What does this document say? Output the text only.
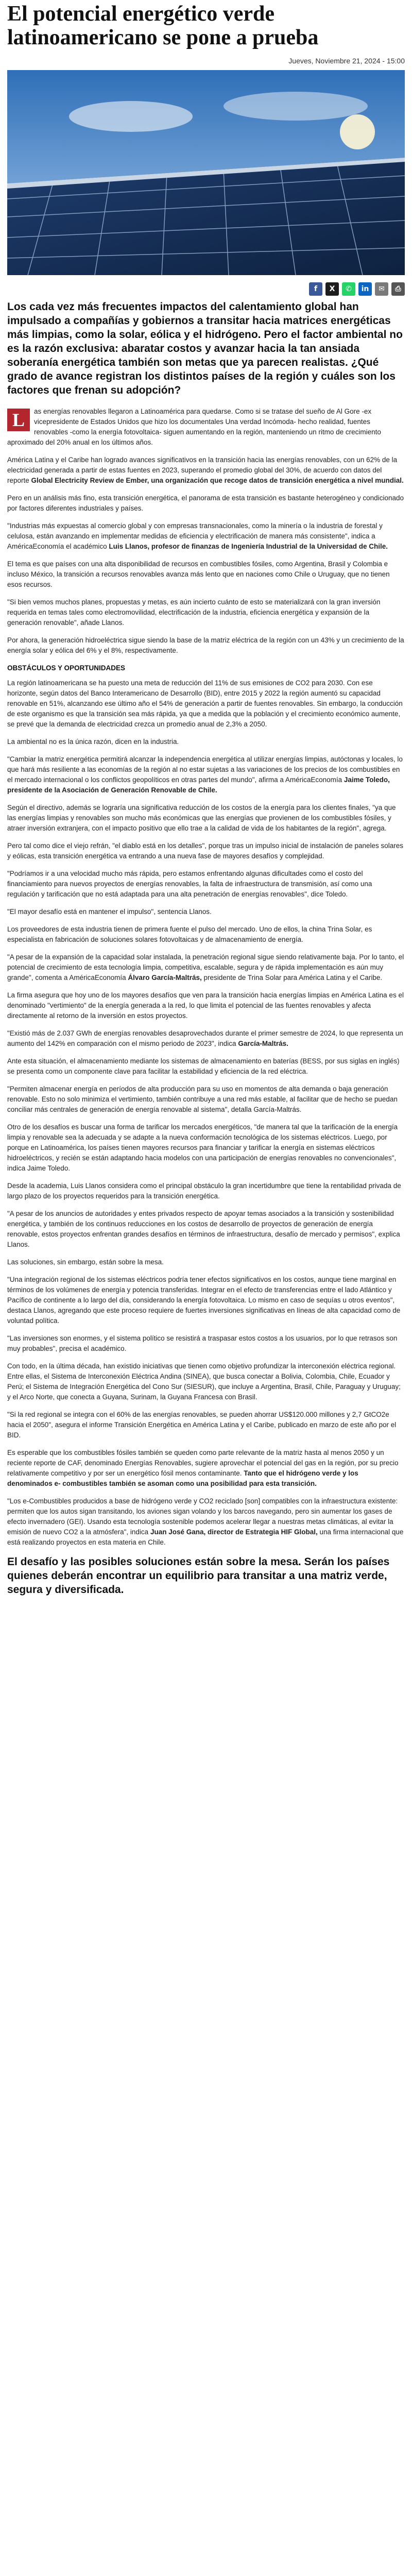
El potencial energético verde latinoamericano se pone a prueba
Jueves, Noviembre 21, 2024 - 15:00
f	X	✆	in	✉	⎙

Los cada vez más frecuentes impactos del calentamiento global han impulsado a compañías y gobiernos a transitar hacia matrices energéticas más limpias, como la solar, eólica y el hidrógeno. Pero el factor ambiental no es la razón exclusiva: abaratar costos y avanzar hacia la tan ansiada soberanía energética también son metas que ya parecen realistas. ¿Qué grado de avance registran los distintos países de la región y cuáles son los factores que frenan su adopción?

L	as energías renovables llegaron a Latinoamérica para quedarse. Como si se tratase del sueño de Al Gore -ex vicepresidente de Estados Unidos que hizo los documentales Una verdad Incómoda- hecho realidad, fuentes renovables -como la energía fotovoltaica- siguen aumentando en la región, manteniendo un ritmo de crecimiento aproximado del 20% anual en los últimos años.

América Latina y el Caribe han logrado avances significativos en la transición hacia las energías renovables, con un 62% de la electricidad generada a partir de estas fuentes en 2023, superando el promedio global del 30%, de acuerdo con datos del reporte Global Electricity Review de Ember, una organización que recoge datos de transición energética a nivel mundial.

Pero en un análisis más fino, esta transición energética, el panorama de esta transición es bastante heterogéneo y condicionado por factores diferentes industriales y países.

"Industrias más expuestas al comercio global y con empresas transnacionales, como la minería o la industria de forestal y celulosa, están avanzando en implementar medidas de eficiencia y electrificación de manera más consistente", indica a AméricaEconomía el académico Luis Llanos, profesor de finanzas de Ingeniería Industrial de la Universidad de Chile.

El tema es que países con una alta disponibilidad de recursos en combustibles fósiles, como Argentina, Brasil y Colombia e incluso México, la transición a recursos renovables avanza más lento que en naciones como Chile o Uruguay, que no tienen esos recursos.

"Si bien vemos muchos planes, propuestas y metas, es aún incierto cuánto de esto se materializará con la gran inversión requerida en temas tales como electromovilidad, electrificación de la industria, eficiencia energética y expansión de la generación renovable", añade Llanos.

Por ahora, la generación hidroeléctrica sigue siendo la base de la matriz eléctrica de la región con un 43% y un crecimiento de la energía solar y eólica del 6% y el 8%, respectivamente.

OBSTÁCULOS Y OPORTUNIDADES

La región latinoamericana se ha puesto una meta de reducción del 11% de sus emisiones de CO2 para 2030. Con ese horizonte, según datos del Banco Interamericano de Desarrollo (BID), entre 2015 y 2022 la región aumentó su capacidad renovable en 51%, alcanzando ese último año el 54% de generación a partir de fuentes renovables. Sin embargo, la conducción de este organismo es que la transición sea más rápida, ya que a medida que la población y el crecimiento económico aumente, se prevé que la demanda de electricidad crezca un promedio anual de 2,3% a 2050.

La ambiental no es la única razón, dicen en la industria.

"Cambiar la matriz energética permitirá alcanzar la independencia energética al utilizar energías limpias, autóctonas y locales, lo que hará más resiliente a las economías de la región al no estar sujetas a las variaciones de los precios de los combustibles en el mercado internacional o los conflictos geopolíticos en otras partes del mundo", afirma a AméricaEconomía Jaime Toledo, presidente de la Asociación de Generación Renovable de Chile.

Según el directivo, además se lograría una significativa reducción de los costos de la energía para los clientes finales, "ya que las energías limpias y renovables son mucho más económicas que las energías que provienen de los combustibles fósiles, y atraer inversión extranjera, con el impacto positivo que ello trae a la calidad de vida de los habitantes de la región", agrega.

Pero tal como dice el viejo refrán, "el diablo está en los detalles", porque tras un impulso inicial de instalación de paneles solares y eólicas, esta transición energética va entrando a una nueva fase de mayores desafíos y complejidad.

"Podríamos ir a una velocidad mucho más rápida, pero estamos enfrentando algunas dificultades como el costo del financiamiento para nuevos proyectos de energías renovables, la falta de infraestructura de transmisión, así como una regulación y tarificación que no está adaptada para una alta penetración de energías renovables", dice Toledo.

"El mayor desafío está en mantener el impulso", sentencia Llanos.

Los proveedores de esta industria tienen de primera fuente el pulso del mercado. Uno de ellos, la china Trina Solar, es especialista en fabricación de soluciones solares fotovoltaicas y de almacenamiento de energía.

"A pesar de la expansión de la capacidad solar instalada, la penetración regional sigue siendo relativamente baja. Por lo tanto, el potencial de crecimiento de esta tecnología limpia, competitiva, escalable, segura y de rápida implementación es aún muy grande", comenta a AméricaEconomía Álvaro García-Maltrás, presidente de Trina Solar para América Latina y el Caribe.

La firma asegura que hoy uno de los mayores desafíos que ven para la transición hacia energías limpias en América Latina es el denominado "vertimiento" de la energía generada a la red, lo que limita el potencial de las fuentes renovables y afecta directamente al retorno de la inversión en estos proyectos.

"Existió más de 2.037 GWh de energías renovables desaprovechados durante el primer semestre de 2024, lo que representa un aumento del 142% en comparación con el mismo periodo de 2023", indica García-Maltrás.

Ante esta situación, el almacenamiento mediante los sistemas de almacenamiento en baterías (BESS, por sus siglas en inglés) se presenta como un componente clave para facilitar la estabilidad y eficiencia de la red eléctrica.

"Permiten almacenar energía en períodos de alta producción para su uso en momentos de alta demanda o baja generación renovable. Esto no solo minimiza el vertimiento, también contribuye a una red más estable, al facilitar que de hecho se puedan conciliar más centrales de generación de energía renovable al sistema", detalla García-Maltrás.

Otro de los desafíos es buscar una forma de tarificar los mercados energéticos, "de manera tal que la tarificación de la energía limpia y renovable sea la adecuada y se adapte a la nueva conformación tecnológica de los sistemas eléctricos. Luego, por porque en Latinoamérica, los países tienen mayores recursos para financiar y tarificar la energía en sistemas eléctricos hidroeléctricos, y recién se están adaptando hacia modelos con una participación de energías renovables no convencionales", indica Jaime Toledo.

Desde la academia, Luis Llanos considera como el principal obstáculo la gran incertidumbre que tiene la rentabilidad privada de largo plazo de los proyectos requeridos para la transición energética.

"A pesar de los anuncios de autoridades y entes privados respecto de apoyar temas asociados a la transición y sostenibilidad energética, y también de los continuos reducciones en los costos de desarrollo de proyectos de generación de energía renovable, estos proyectos enfrentan grandes desafíos en términos de infraestructura, desafío de mercado y permisos", explica Llanos.

Las soluciones, sin embargo, están sobre la mesa.

"Una integración regional de los sistemas eléctricos podría tener efectos significativos en los costos, aunque tiene marginal en términos de los volúmenes de energía y potencia transferidas. Integrar en el efecto de transferencias entre el lado Atlántico y Pacífico de continente a lo largo del día, considerando la energía fotovoltaica. Lo mismo en caso de sequías u otros eventos", destaca Llanos, agregando que este proceso requiere de fuertes inversiones significativas en líneas de alta capacidad como de voluntad política.

"Las inversiones son enormes, y el sistema político se resistirá a traspasar estos costos a los usuarios, por lo que retrasos son muy probables", precisa el académico.

Con todo, en la última década, han existido iniciativas que tienen como objetivo profundizar la interconexión eléctrica regional. Entre ellas, el Sistema de Interconexión Eléctrica Andina (SINEA), que busca conectar a Bolivia, Colombia, Chile, Ecuador y Perú; el Sistema de Integración Energética del Cono Sur (SIESUR), que incluye a Argentina, Brasil, Chile, Paraguay y Uruguay; y el Arco Norte, que conecta a Guyana, Surinam, la Guyana Francesa con Brasil.

"Si la red regional se integra con el 60% de las energías renovables, se pueden ahorrar US$120.000 millones y 2,7 GtCO2e hacia el 2050", asegura el informe Transición Energética en América Latina y el Caribe, publicado en marzo de este año por el BID.

Es esperable que los combustibles fósiles también se queden como parte relevante de la matriz hasta al menos 2050 y un reciente reporte de CAF, denominado Energías Renovables, sugiere aprovechar el potencial del gas en la región, por su precio relativamente competitivo y por ser un energético fósil menos contaminante. Tanto que el hidrógeno verde y los denominados e- combustibles también se asoman como una posibilidad para esta transición.

"Los e-Combustibles producidos a base de hidrógeno verde y CO2 reciclado [son] compatibles con la infraestructura existente: permiten que los autos sigan transitando, los aviones sigan volando y los barcos navegando, pero sin aumentar los gases de efecto invernadero (GEI). Usando esta tecnología sostenible podemos acelerar llegar a nuestras metas climáticas, al evitar la emisión de nuevo CO2 a la atmósfera", indica Juan José Gana, director de Estrategia HIF Global, una firma internacional que está realizando proyectos en esta materia en Chile.

El desafío y las posibles soluciones están sobre la mesa. Serán los países quienes deberán encontrar un equilibrio para transitar a una matriz verde, segura y diversificada.
